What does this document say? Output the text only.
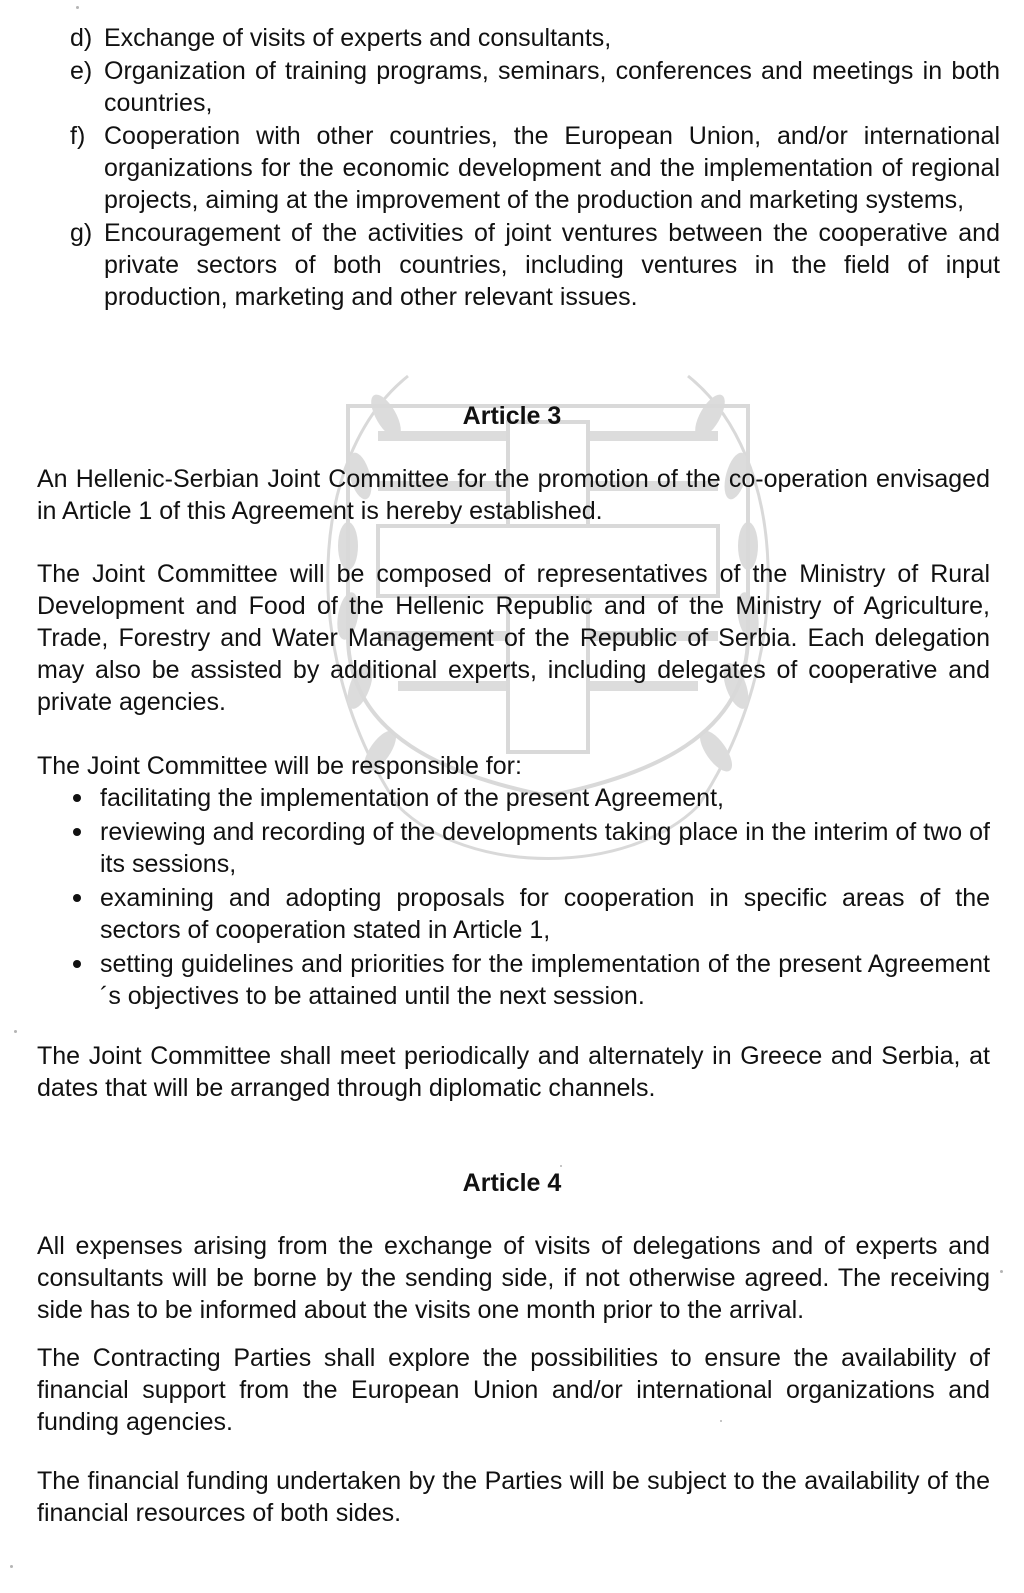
d) Exchange of visits of experts and consultants,
e) Organization of training programs, seminars, conferences and meetings in both countries,
f) Cooperation with other countries, the European Union, and/or international organizations for the economic development and the implementation of regional projects, aiming at the improvement of the production and marketing systems,
g) Encouragement of the activities of joint ventures between the cooperative and private sectors of both countries, including ventures in the field of input production, marketing and other relevant issues.
Article 3

An Hellenic-Serbian Joint Committee for the promotion of the co-operation envisaged in Article 1 of this Agreement is hereby established.

The Joint Committee will be composed of representatives of the Ministry of Rural Development and Food of the Hellenic Republic and of the Ministry of Agriculture, Trade, Forestry and Water Management of the Republic of Serbia. Each delegation may also be assisted by additional experts, including delegates of cooperative and private agencies.

The Joint Committee will be responsible for:

facilitating the implementation of the present Agreement,
reviewing and recording of the developments taking place in the interim of two of its sessions,
examining and adopting proposals for cooperation in specific areas of the sectors of cooperation stated in Article 1,
setting guidelines and priorities for the implementation of the present Agreement´s objectives to be attained until the next session.

The Joint Committee shall meet periodically and alternately in Greece and Serbia, at dates that will be arranged through diplomatic channels.

Article 4

All expenses arising from the exchange of visits of delegations and of experts and consultants will be borne by the sending side, if not otherwise agreed. The receiving side has to be informed about the visits one month prior to the arrival.

The Contracting Parties shall explore the possibilities to ensure the availability of financial support from the European Union and/or international organizations and funding agencies.

The financial funding undertaken by the Parties will be subject to the availability of the financial resources of both sides.
